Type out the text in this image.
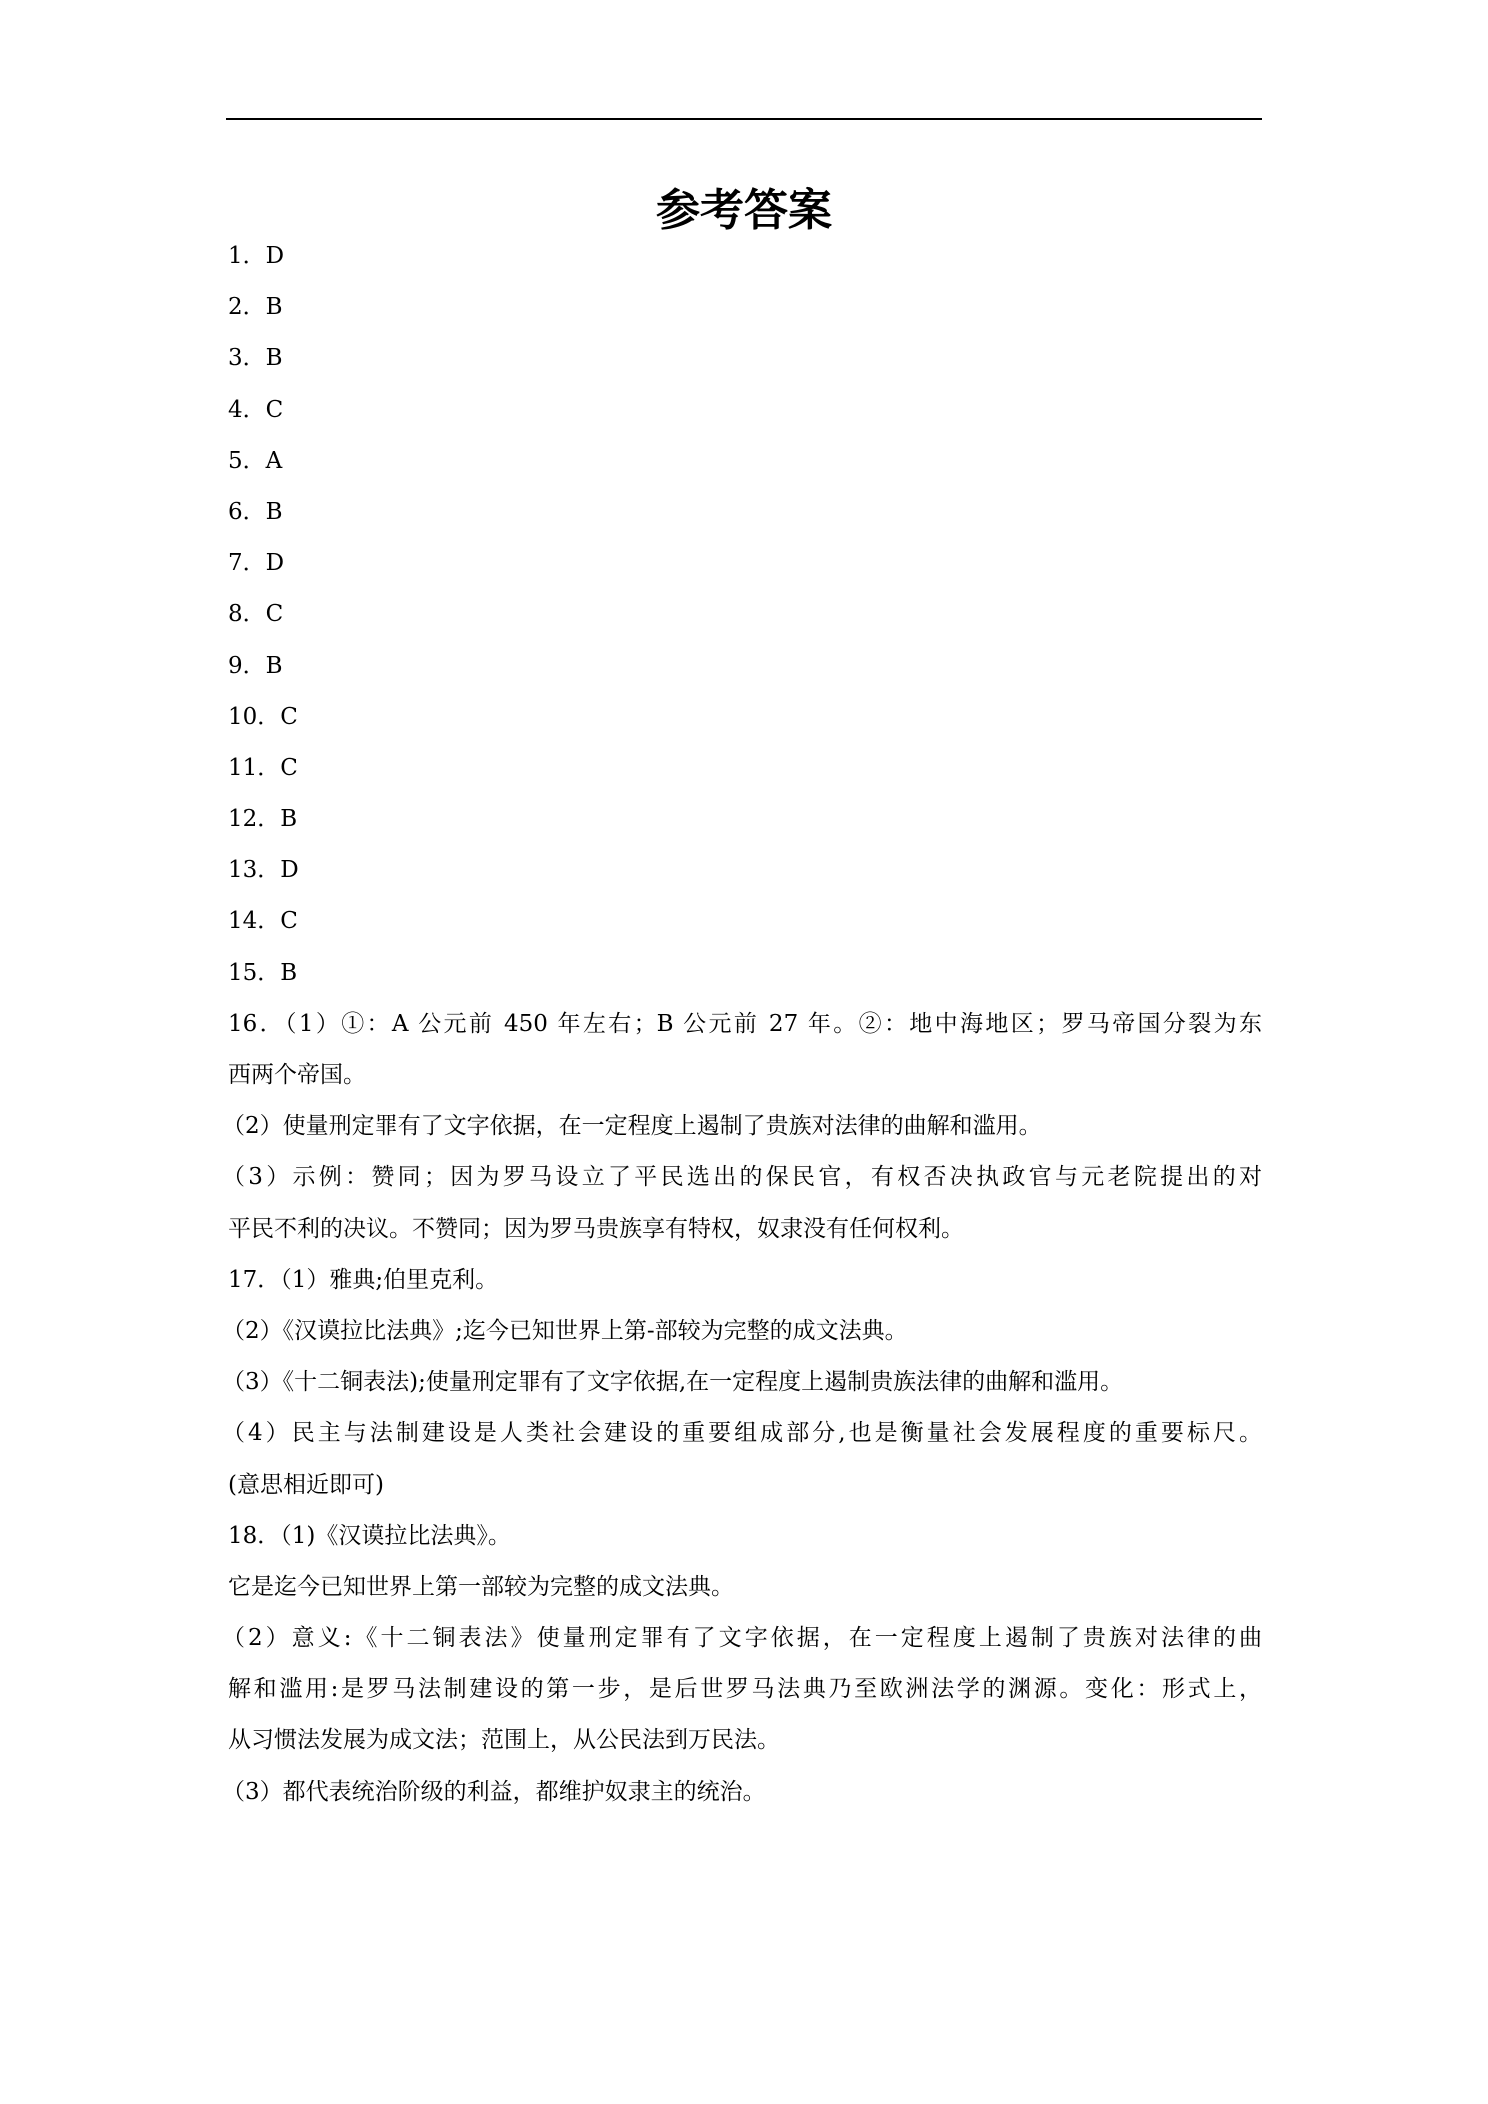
参考答案
1．D
2．B
3．B
4．C
5．A
6．B
7．D
8．C
9．B
10．C
11．C
12．B
13．D
14．C
15．B
16．（1）①：A 公元前 450 年左右；B 公元前 27 年。②：地中海地区；罗马帝国分裂为东
西两个帝国。
（2）使量刑定罪有了文字依据，在一定程度上遏制了贵族对法律的曲解和滥用。
（3）示例：赞同；因为罗马设立了平民选出的保民官，有权否决执政官与元老院提出的对
平民不利的决议。不赞同；因为罗马贵族享有特权，奴隶没有任何权利。
17．（1）雅典;伯里克利。
（2）《汉谟拉比法典》;迄今已知世界上第-部较为完整的成文法典。
（3）《十二铜表法);使量刑定罪有了文字依据,在一定程度上遏制贵族法律的曲解和滥用。
（4）民主与法制建设是人类社会建设的重要组成部分,也是衡量社会发展程度的重要标尺。
(意思相近即可)
18．（1)《汉谟拉比法典》。
它是迄今已知世界上第一部较为完整的成文法典。
（2）意义:《十二铜表法》使量刑定罪有了文字依据，在一定程度上遏制了贵族对法律的曲
解和滥用:是罗马法制建设的第一步，是后世罗马法典乃至欧洲法学的渊源。变化：形式上，
从习惯法发展为成文法；范围上，从公民法到万民法。
（3）都代表统治阶级的利益，都维护奴隶主的统治。
